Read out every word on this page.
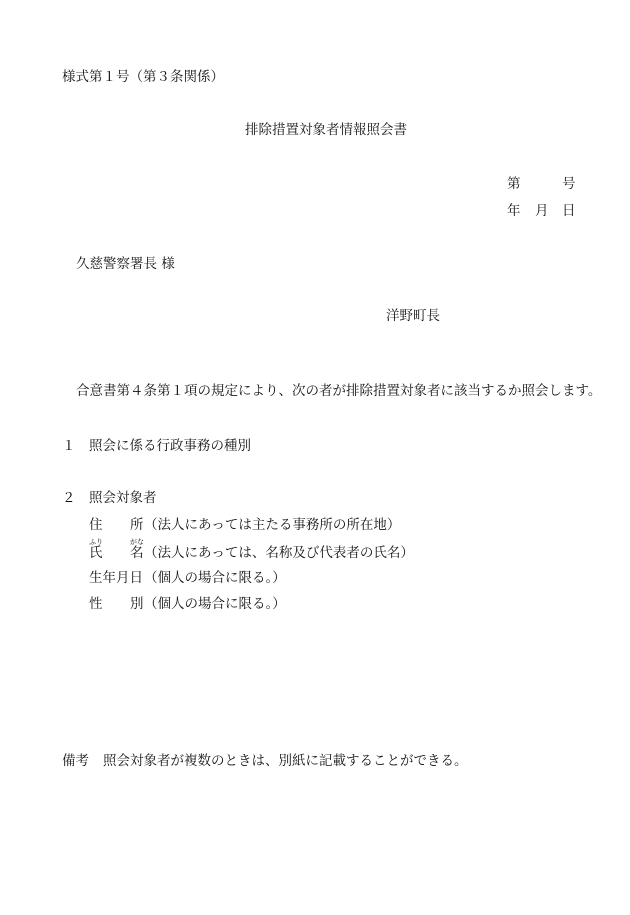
様式第１号（第３条関係）
排除措置対象者情報照会書
第	号
年 月 日
久慈警察署長 様
洋野町長
合意書第４条第１項の規定により、次の者が排除措置対象者に該当するか照会します。
１ 照会に係る行政事務の種別
２ 照会対象者
住 所 （法人にあっては主たる事務所の所在地）
ふり	がな
氏 名 （法人にあっては、名称及び代表者の氏名）
生年月日 （個人の場合に限る。）
性 別 （個人の場合に限る。）
備考 照会対象者が複数のときは、別紙に記載することができる。
